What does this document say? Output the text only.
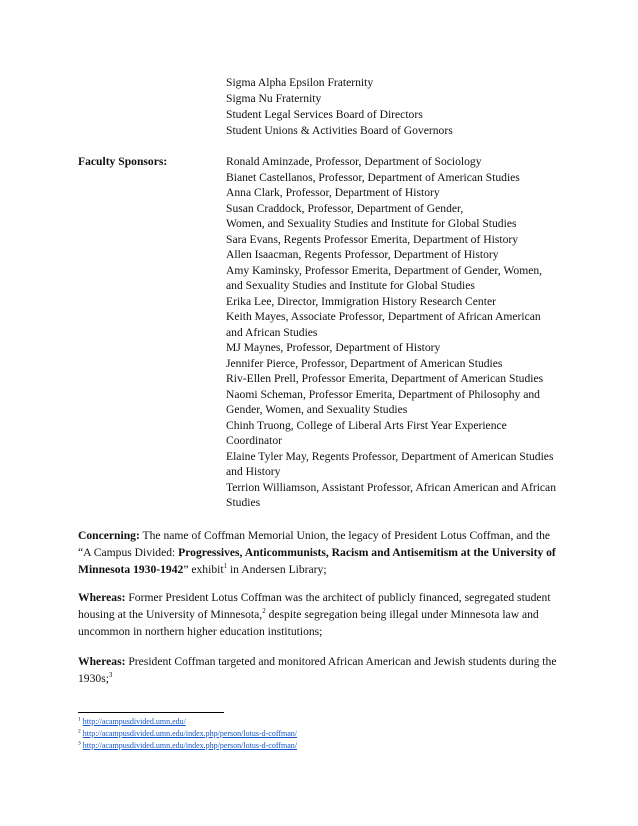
Sigma Alpha Epsilon Fraternity
Sigma Nu Fraternity
Student Legal Services Board of Directors
Student Unions & Activities Board of Governors
Faculty Sponsors:	Ronald Aminzade, Professor, Department of Sociology
Bianet Castellanos, Professor, Department of American Studies
Anna Clark, Professor, Department of History
Susan Craddock, Professor, Department of Gender,
Women, and Sexuality Studies and Institute for Global Studies
Sara Evans, Regents Professor Emerita, Department of History
Allen Isaacman, Regents Professor, Department of History
Amy Kaminsky, Professor Emerita, Department of Gender, Women,
and Sexuality Studies and Institute for Global Studies
Erika Lee, Director, Immigration History Research Center
Keith Mayes, Associate Professor, Department of African American
and African Studies
MJ Maynes, Professor, Department of History
Jennifer Pierce, Professor, Department of American Studies
Riv-Ellen Prell, Professor Emerita, Department of American Studies
Naomi Scheman, Professor Emerita, Department of Philosophy and
Gender, Women, and Sexuality Studies
Chinh Truong, College of Liberal Arts First Year Experience
Coordinator
Elaine Tyler May, Regents Professor, Department of American Studies
and History
Terrion Williamson, Assistant Professor, African American and African
Studies
Concerning: The name of Coffman Memorial Union, the legacy of President Lotus Coffman, and the “A Campus Divided: Progressives, Anticommunists, Racism and Antisemitism at the University of Minnesota 1930-1942” exhibit$^1$ in Andersen Library;
Whereas: Former President Lotus Coffman was the architect of publicly financed, segregated student housing at the University of Minnesota,$^2$ despite segregation being illegal under Minnesota law and uncommon in northern higher education institutions;
Whereas: President Coffman targeted and monitored African American and Jewish students during the 1930s;$^3$
$^1$ http://acampusdivided.umn.edu/
$^2$ http://acampusdivided.umn.edu/index.php/person/lotus-d-coffman/
$^3$ http://acampusdivided.umn.edu/index.php/person/lotus-d-coffman/
